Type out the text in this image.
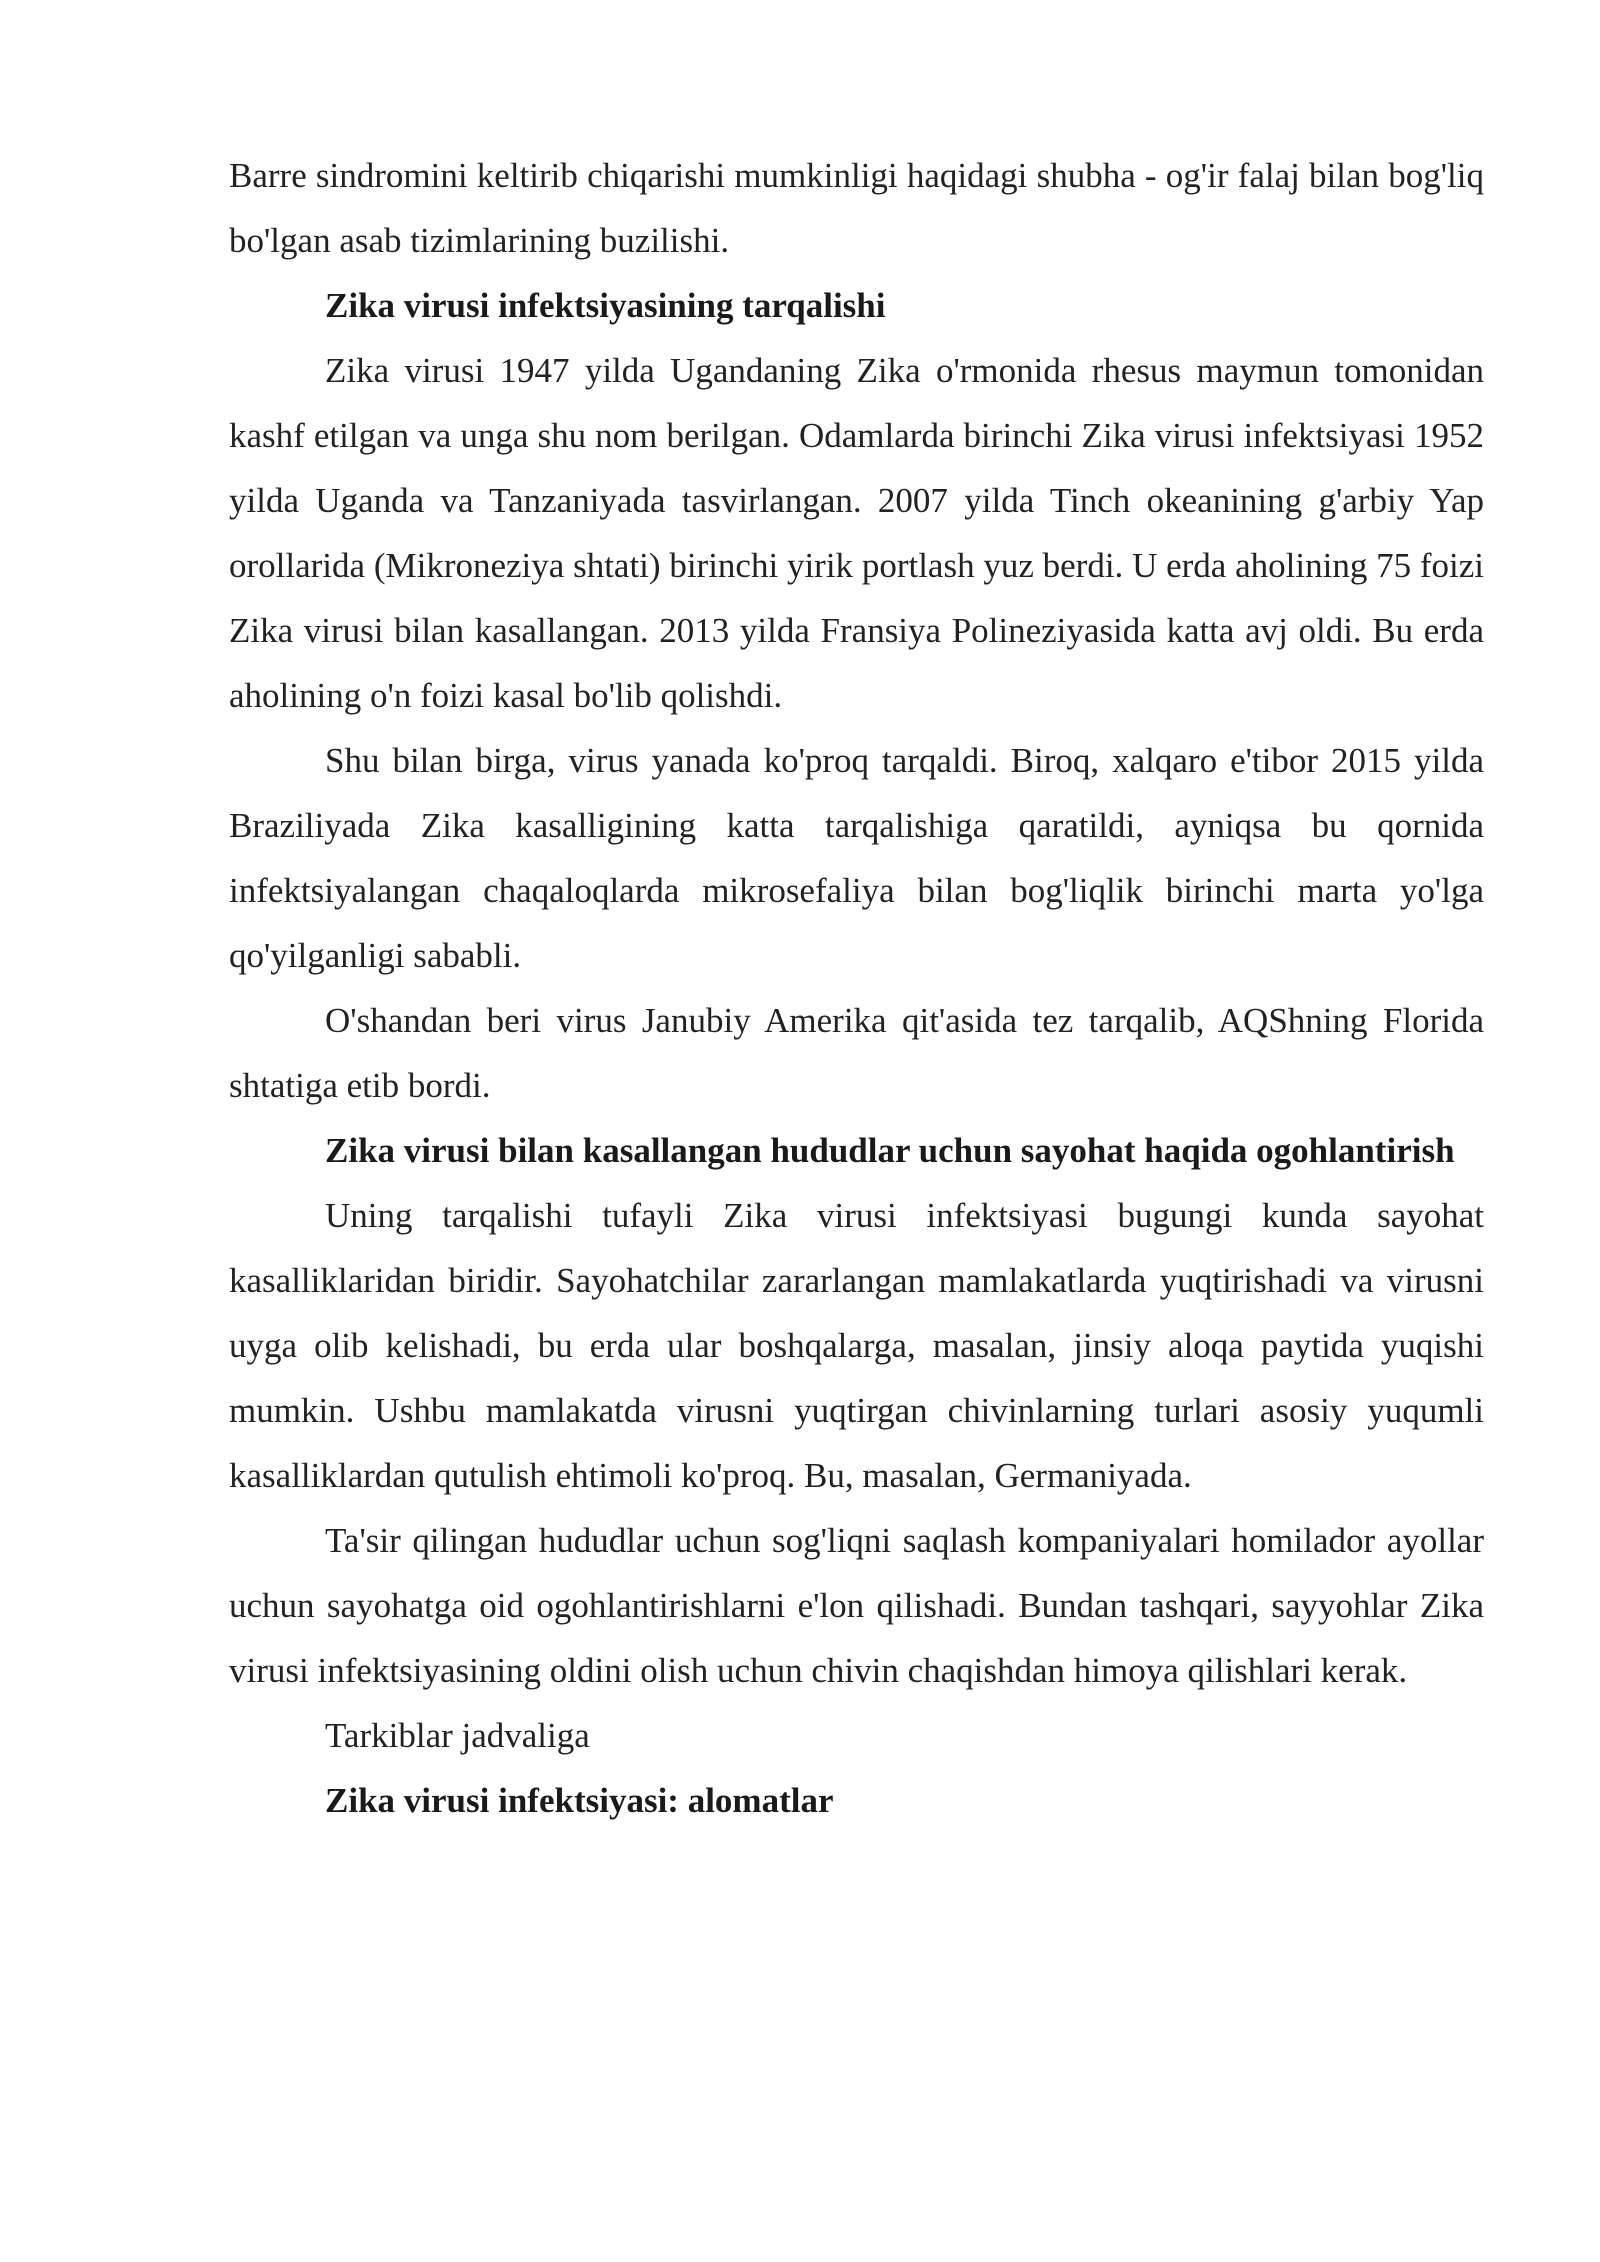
Barre sindromini keltirib chiqarishi mumkinligi haqidagi shubha - og'ir falaj bilan bog'liq bo'lgan asab tizimlarining buzilishi.

Zika virusi infektsiyasining tarqalishi

Zika virusi 1947 yilda Ugandaning Zika o'rmonida rhesus maymun tomonidan kashf etilgan va unga shu nom berilgan. Odamlarda birinchi Zika virusi infektsiyasi 1952 yilda Uganda va Tanzaniyada tasvirlangan. 2007 yilda Tinch okeanining g'arbiy Yap orollarida (Mikroneziya shtati) birinchi yirik portlash yuz berdi. U erda aholining 75 foizi Zika virusi bilan kasallangan. 2013 yilda Fransiya Polineziyasida katta avj oldi. Bu erda aholining o'n foizi kasal bo'lib qolishdi.

Shu bilan birga, virus yanada ko'proq tarqaldi. Biroq, xalqaro e'tibor 2015 yilda Braziliyada Zika kasalligining katta tarqalishiga qaratildi, ayniqsa bu qornida infektsiyalangan chaqaloqlarda mikrosefaliya bilan bog'liqlik birinchi marta yo'lga qo'yilganligi sababli.

O'shandan beri virus Janubiy Amerika qit'asida tez tarqalib, AQShning Florida shtatiga etib bordi.

Zika virusi bilan kasallangan hududlar uchun sayohat haqida ogohlantirish

Uning tarqalishi tufayli Zika virusi infektsiyasi bugungi kunda sayohat kasalliklaridan biridir. Sayohatchilar zararlangan mamlakatlarda yuqtirishadi va virusni uyga olib kelishadi, bu erda ular boshqalarga, masalan, jinsiy aloqa paytida yuqishi mumkin. Ushbu mamlakatda virusni yuqtirgan chivinlarning turlari asosiy yuqumli kasalliklardan qutulish ehtimoli ko'proq. Bu, masalan, Germaniyada.

Ta'sir qilingan hududlar uchun sog'liqni saqlash kompaniyalari homilador ayollar uchun sayohatga oid ogohlantirishlarni e'lon qilishadi. Bundan tashqari, sayyohlar Zika virusi infektsiyasining oldini olish uchun chivin chaqishdan himoya qilishlari kerak.

Tarkiblar jadvaliga

Zika virusi infektsiyasi: alomatlar
